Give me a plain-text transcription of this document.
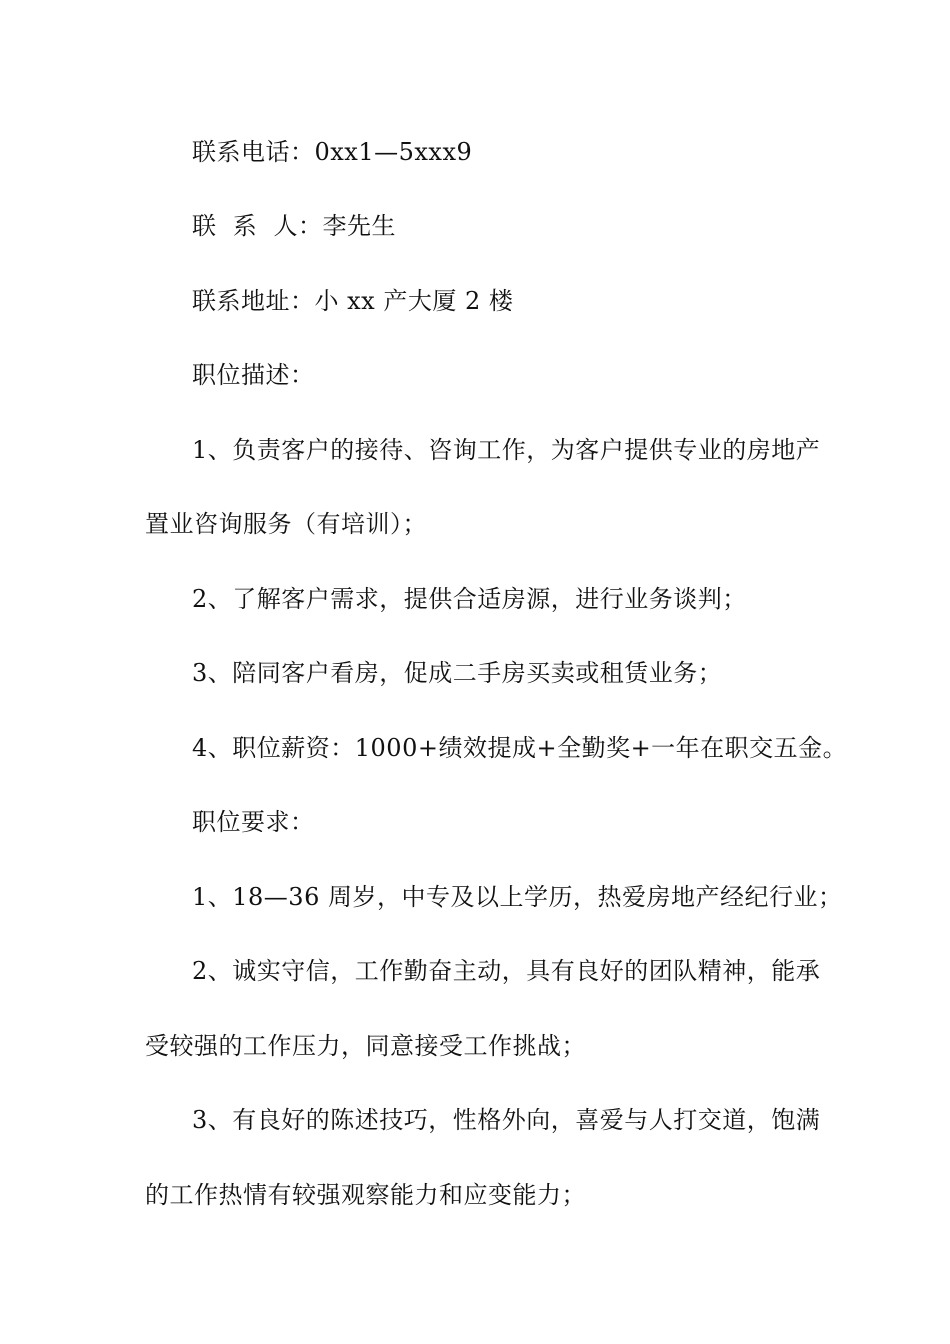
联系电话：0xx1—5xxx9
联  系  人：李先生
联系地址：小 xx 产大厦 2 楼
职位描述：
1、负责客户的接待、咨询工作，为客户提供专业的房地产
置业咨询服务（有培训）；
2、了解客户需求，提供合适房源，进行业务谈判；
3、陪同客户看房，促成二手房买卖或租赁业务；
4、职位薪资：1000+绩效提成+全勤奖+一年在职交五金。
职位要求：
1、18—36 周岁，中专及以上学历，热爱房地产经纪行业；
2、诚实守信，工作勤奋主动，具有良好的团队精神，能承
受较强的工作压力，同意接受工作挑战；
3、有良好的陈述技巧，性格外向，喜爱与人打交道，饱满
的工作热情有较强观察能力和应变能力；
